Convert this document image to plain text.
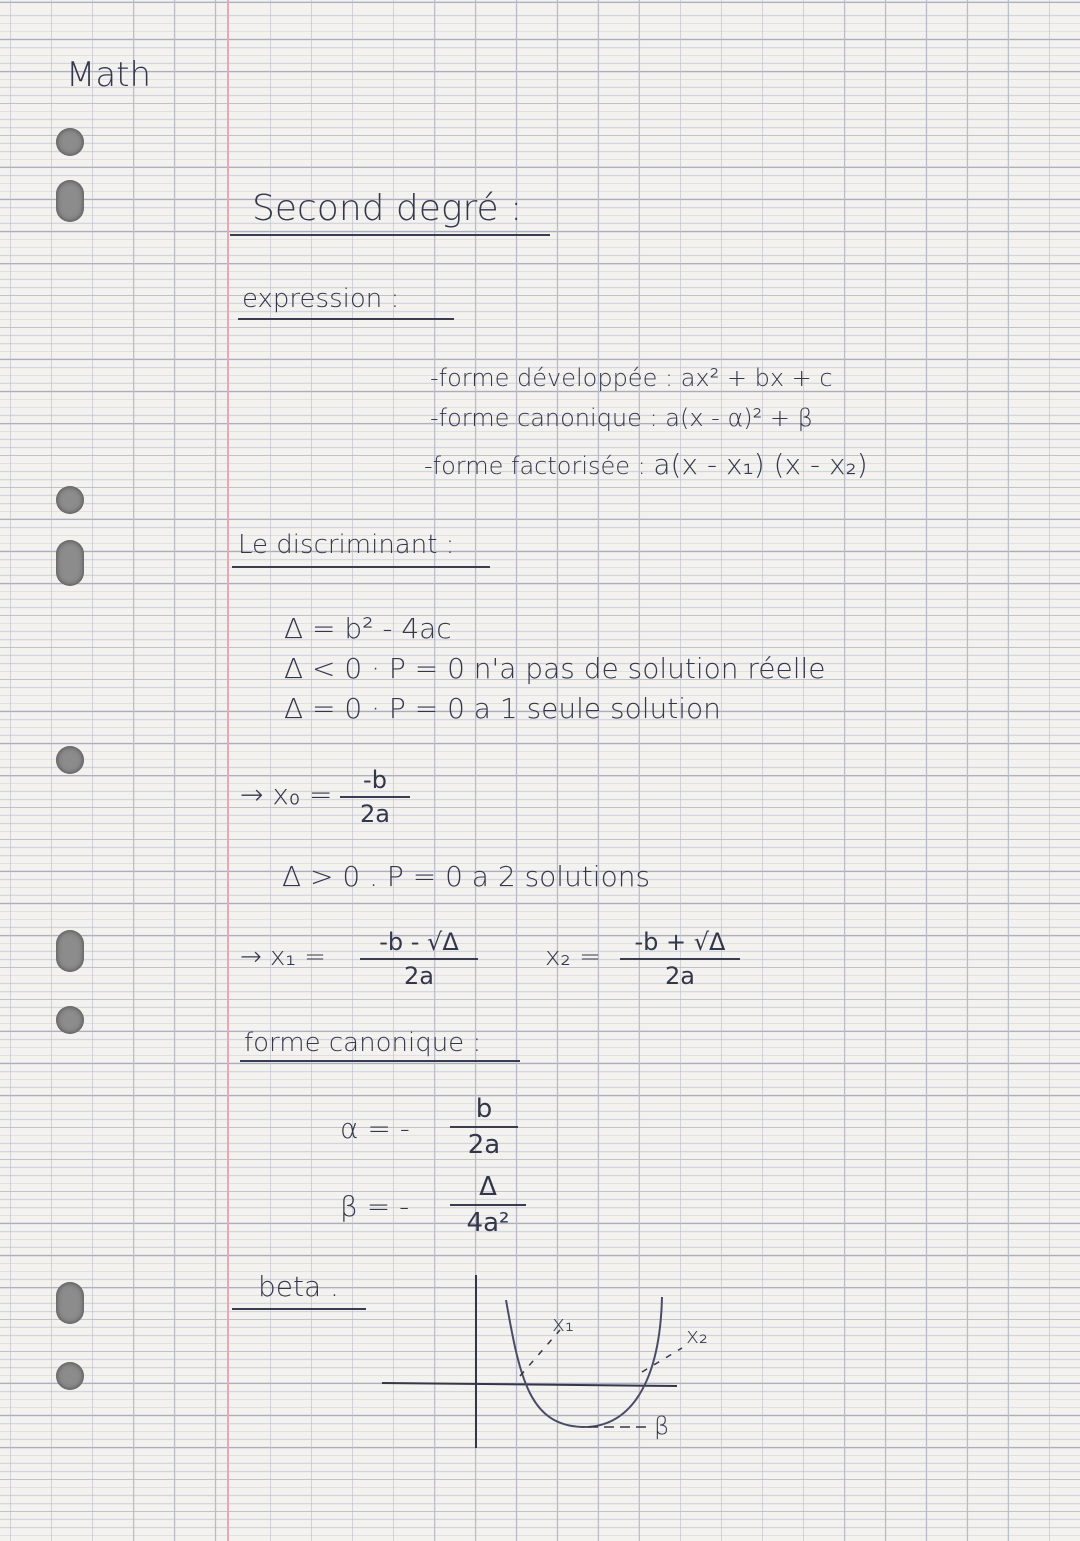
Math
Second degré :
expression :
-forme développée : ax² + bx + c
-forme canonique : a(x - α)² + β
-forme factorisée : a(x - x₁) (x - x₂)
Le discriminant :
Δ = b² - 4ac
Δ < 0 · P = 0 n'a pas de solution réelle
Δ = 0 · P = 0 a 1 seule solution
→ x₀ =	-b
2a
Δ > 0 . P = 0 a 2 solutions
→ x₁ =	-b - √Δ
2a
x₂ =	-b + √Δ
2a
forme canonique :
α = -
b
2a
β = -
Δ
4a²
beta .
x₁	x₂
β
